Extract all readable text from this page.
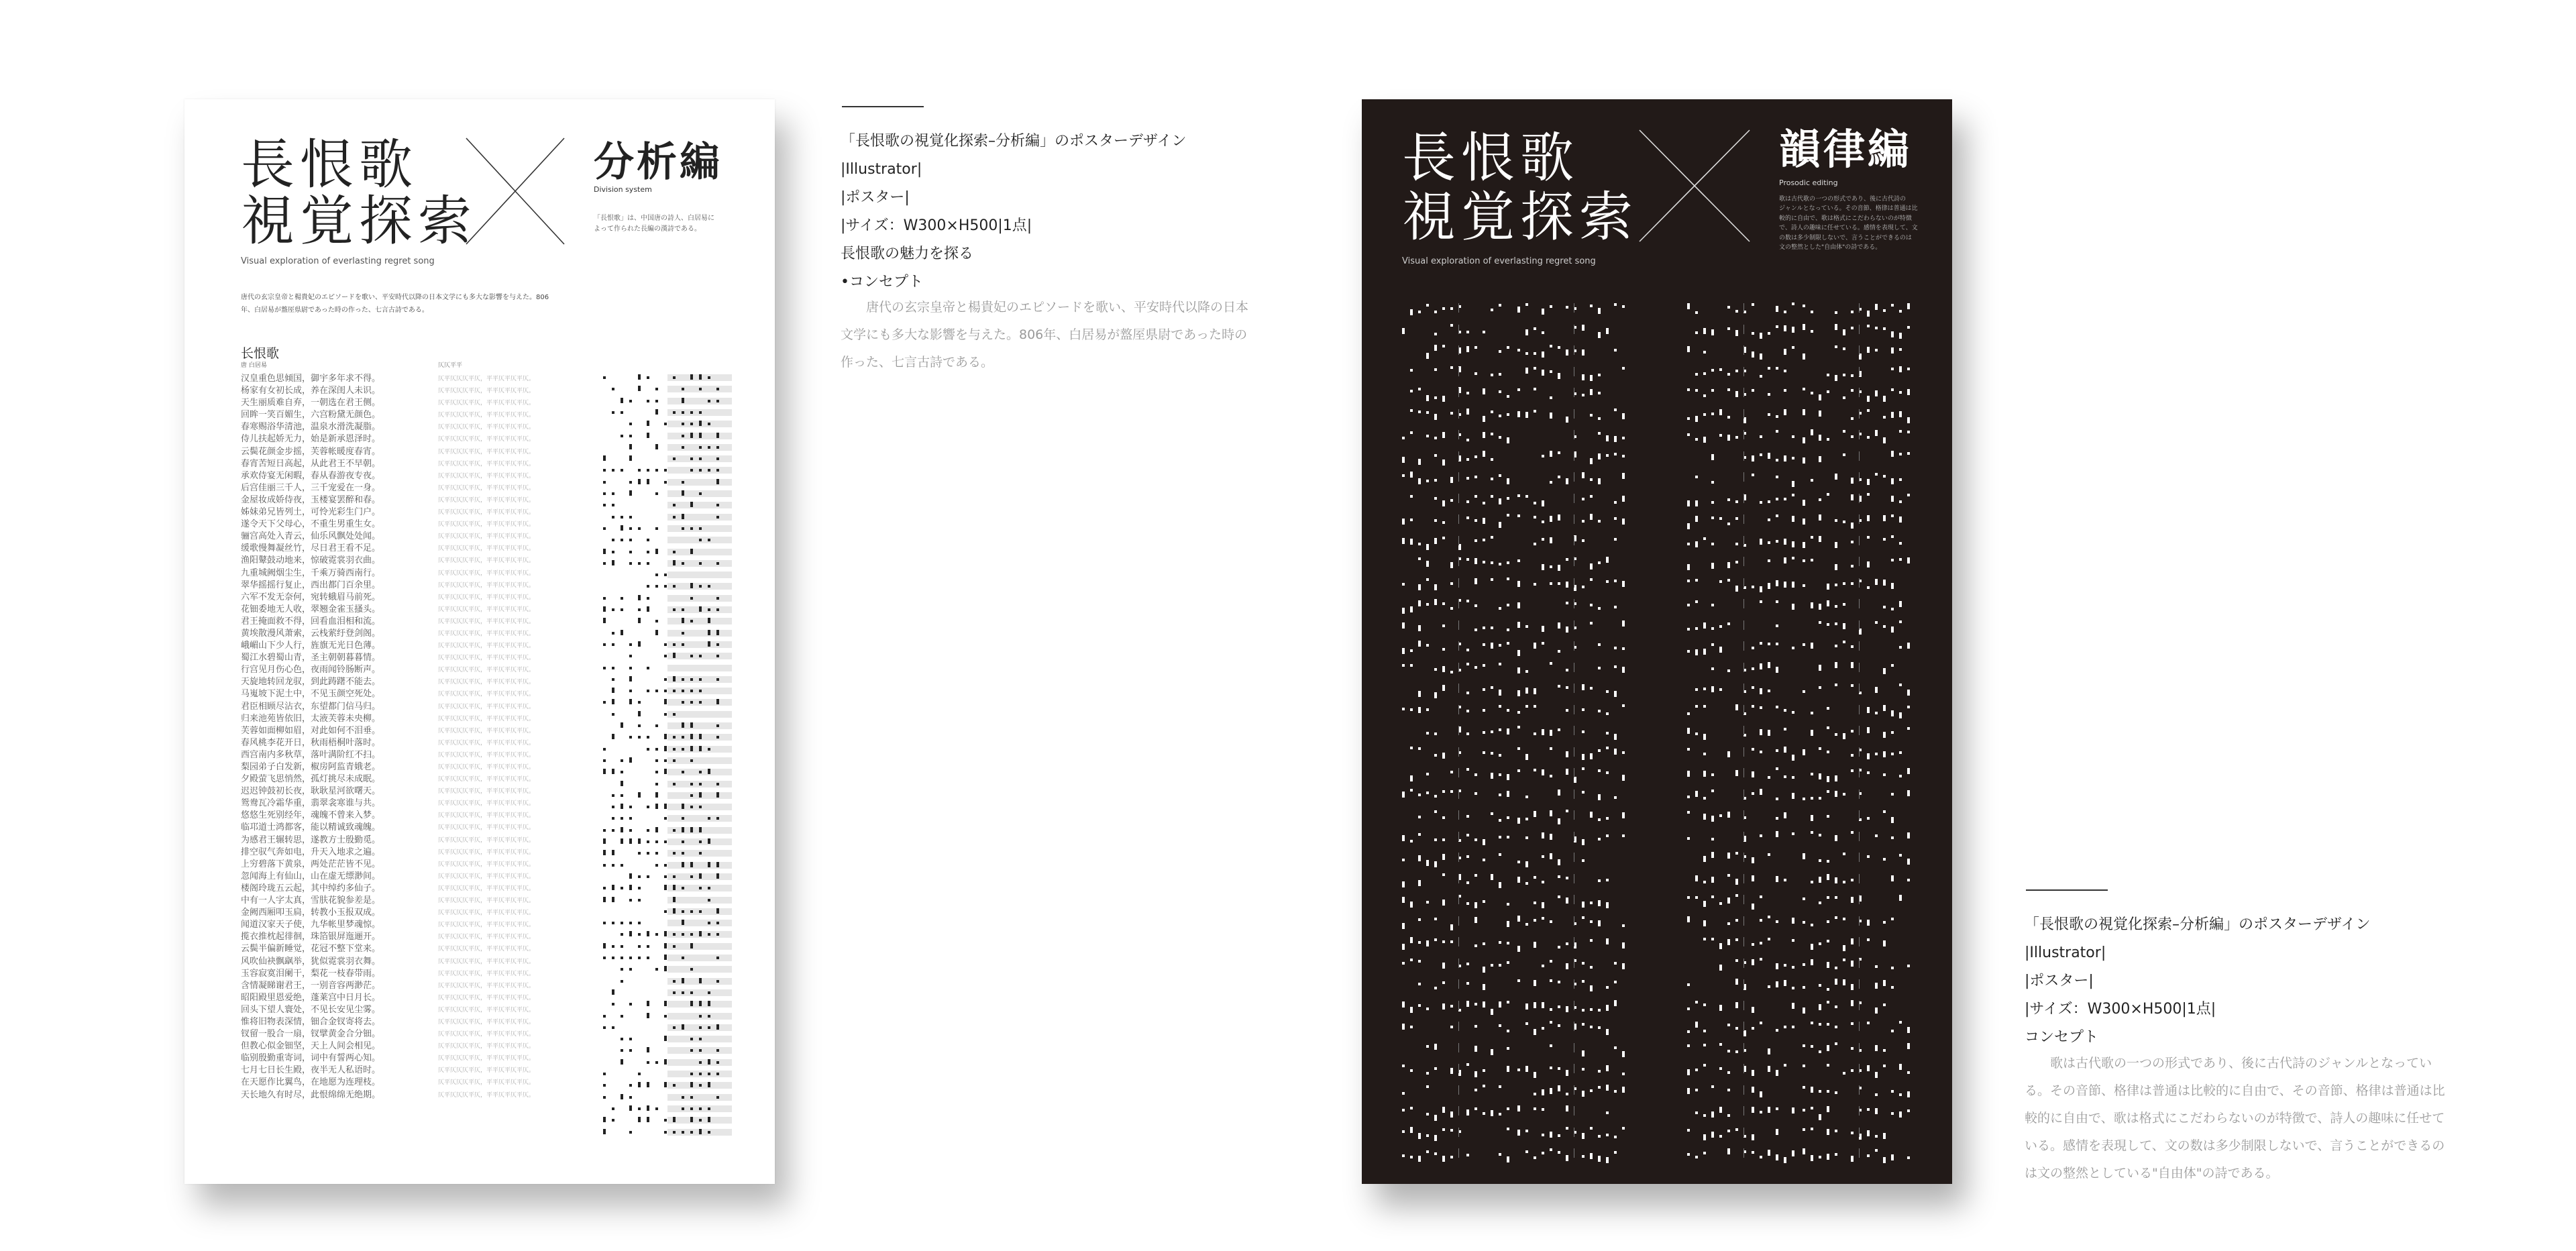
長恨歌
視覚探索
Visual exploration of everlasting regret song
分析編
Division system
「長恨歌」は、中国唐の詩人、白居易に
よって作られた長編の漢詩である。
唐代の玄宗皇帝と楊貴妃のエピソードを歌い、平安時代以降の日本文学にも多大な影響を与えた。806
年、白居易が盩厔県尉であった時の作った、七言古詩である。
长恨歌
唐 白居易	仄仄平平
汉皇重色思倾国，御宇多年求不得。
杨家有女初长成，养在深闺人未识。
天生丽质难自弃，一朝选在君王侧。
回眸一笑百媚生，六宫粉黛无颜色。
春寒赐浴华清池，温泉水滑洗凝脂。
侍儿扶起娇无力，始是新承恩泽时。
云鬓花颜金步摇，芙蓉帐暖度春宵。
春宵苦短日高起，从此君王不早朝。
承欢侍宴无闲暇，春从春游夜专夜。
后宫佳丽三千人，三千宠爱在一身。
金屋妆成娇侍夜，玉楼宴罢醉和春。
姊妹弟兄皆列土，可怜光彩生门户。
遂令天下父母心，不重生男重生女。
骊宫高处入青云，仙乐风飘处处闻。
缓歌慢舞凝丝竹，尽日君王看不足。
渔阳鼙鼓动地来，惊破霓裳羽衣曲。
九重城阙烟尘生，千乘万骑西南行。
翠华摇摇行复止，西出都门百余里。
六军不发无奈何，宛转蛾眉马前死。
花钿委地无人收，翠翘金雀玉搔头。
君王掩面救不得，回看血泪相和流。
黄埃散漫风萧索，云栈萦纡登剑阁。
峨嵋山下少人行，旌旗无光日色薄。
蜀江水碧蜀山青，圣主朝朝暮暮情。
行宫见月伤心色，夜雨闻铃肠断声。
天旋地转回龙驭，到此踌躇不能去。
马嵬坡下泥土中，不见玉颜空死处。
君臣相顾尽沾衣，东望都门信马归。
归来池苑皆依旧，太液芙蓉未央柳。
芙蓉如面柳如眉，对此如何不泪垂。
春风桃李花开日，秋雨梧桐叶落时。
西宫南内多秋草，落叶满阶红不扫。
梨园弟子白发新，椒房阿监青娥老。
夕殿萤飞思悄然，孤灯挑尽未成眠。
迟迟钟鼓初长夜，耿耿星河欲曙天。
鸳鸯瓦冷霜华重，翡翠衾寒谁与共。
悠悠生死别经年，魂魄不曾来入梦。
临邛道士鸿都客，能以精诚致魂魄。
为感君王辗转思，遂教方士殷勤觅。
排空驭气奔如电，升天入地求之遍。
上穷碧落下黄泉，两处茫茫皆不见。
忽闻海上有仙山，山在虚无缥渺间。
楼阁玲珑五云起，其中绰约多仙子。
中有一人字太真，雪肤花貌参差是。
金阙西厢叩玉扃，转教小玉报双成。
闻道汉家天子使，九华帐里梦魂惊。
揽衣推枕起徘徊，珠箔银屏迤逦开。
云鬓半偏新睡觉，花冠不整下堂来。
风吹仙袂飘飖举，犹似霓裳羽衣舞。
玉容寂寞泪阑干，梨花一枝春带雨。
含情凝睇谢君王，一别音容两渺茫。
昭阳殿里恩爱绝，蓬莱宫中日月长。
回头下望人寰处，不见长安见尘雾。
惟将旧物表深情，钿合金钗寄将去。
钗留一股合一扇，钗擘黄金合分钿。
但教心似金钿坚，天上人间会相见。
临别殷勤重寄词，词中有誓两心知。
七月七日长生殿，夜半无人私语时。
在天愿作比翼鸟，在地愿为连理枝。
天长地久有时尽，此恨绵绵无绝期。
仄平仄仄仄平仄，平平仄平仄平仄。
仄平仄仄仄平仄，平平仄平仄平仄。
仄平仄仄仄平仄，平平仄平仄平仄。
仄平仄仄仄平仄，平平仄平仄平仄。
仄平仄仄仄平仄，平平仄平仄平仄。
仄平仄仄仄平仄，平平仄平仄平仄。
仄平仄仄仄平仄，平平仄平仄平仄。
仄平仄仄仄平仄，平平仄平仄平仄。
仄平仄仄仄平仄，平平仄平仄平仄。
仄平仄仄仄平仄，平平仄平仄平仄。
仄平仄仄仄平仄，平平仄平仄平仄。
仄平仄仄仄平仄，平平仄平仄平仄。
仄平仄仄仄平仄，平平仄平仄平仄。
仄平仄仄仄平仄，平平仄平仄平仄。
仄平仄仄仄平仄，平平仄平仄平仄。
仄平仄仄仄平仄，平平仄平仄平仄。
仄平仄仄仄平仄，平平仄平仄平仄。
仄平仄仄仄平仄，平平仄平仄平仄。
仄平仄仄仄平仄，平平仄平仄平仄。
仄平仄仄仄平仄，平平仄平仄平仄。
仄平仄仄仄平仄，平平仄平仄平仄。
仄平仄仄仄平仄，平平仄平仄平仄。
仄平仄仄仄平仄，平平仄平仄平仄。
仄平仄仄仄平仄，平平仄平仄平仄。
仄平仄仄仄平仄，平平仄平仄平仄。
仄平仄仄仄平仄，平平仄平仄平仄。
仄平仄仄仄平仄，平平仄平仄平仄。
仄平仄仄仄平仄，平平仄平仄平仄。
仄平仄仄仄平仄，平平仄平仄平仄。
仄平仄仄仄平仄，平平仄平仄平仄。
仄平仄仄仄平仄，平平仄平仄平仄。
仄平仄仄仄平仄，平平仄平仄平仄。
仄平仄仄仄平仄，平平仄平仄平仄。
仄平仄仄仄平仄，平平仄平仄平仄。
仄平仄仄仄平仄，平平仄平仄平仄。
仄平仄仄仄平仄，平平仄平仄平仄。
仄平仄仄仄平仄，平平仄平仄平仄。
仄平仄仄仄平仄，平平仄平仄平仄。
仄平仄仄仄平仄，平平仄平仄平仄。
仄平仄仄仄平仄，平平仄平仄平仄。
仄平仄仄仄平仄，平平仄平仄平仄。
仄平仄仄仄平仄，平平仄平仄平仄。
仄平仄仄仄平仄，平平仄平仄平仄。
仄平仄仄仄平仄，平平仄平仄平仄。
仄平仄仄仄平仄，平平仄平仄平仄。
仄平仄仄仄平仄，平平仄平仄平仄。
仄平仄仄仄平仄，平平仄平仄平仄。
仄平仄仄仄平仄，平平仄平仄平仄。
仄平仄仄仄平仄，平平仄平仄平仄。
仄平仄仄仄平仄，平平仄平仄平仄。
仄平仄仄仄平仄，平平仄平仄平仄。
仄平仄仄仄平仄，平平仄平仄平仄。
仄平仄仄仄平仄，平平仄平仄平仄。
仄平仄仄仄平仄，平平仄平仄平仄。
仄平仄仄仄平仄，平平仄平仄平仄。
仄平仄仄仄平仄，平平仄平仄平仄。
仄平仄仄仄平仄，平平仄平仄平仄。
仄平仄仄仄平仄，平平仄平仄平仄。
仄平仄仄仄平仄，平平仄平仄平仄。
仄平仄仄仄平仄，平平仄平仄平仄。
長恨歌
視覚探索
Visual exploration of everlasting regret song
韻律編
Prosodic editing
歌は古代歌の一つの形式であり、後に古代詩の
ジャンルとなっている。その音節、格律は普通は比
較的に自由で、歌は格式にこだわらないのが特徴
で、詩人の趣味に任せている。感情を表現して、文
の数は多少制限しないで、言うことができるのは
文の整然とした"自由体"の詩である。
「長恨歌の視覚化探索–分析編」のポスターデザイン
|Illustrator|
|ポスター|
|サイズ：W300×H500|1点|
長恨歌の魅力を探る
•コンセプト
唐代の玄宗皇帝と楊貴妃のエピソードを歌い、平安時代以降の日本文学にも多大な影響を与えた。806年、白居易が盩厔県尉であった時の作った、七言古詩である。
「長恨歌の視覚化探索–分析編」のポスターデザイン
|Illustrator|
|ポスター|
|サイズ：W300×H500|1点|
コンセプト
歌は古代歌の一つの形式であり、後に古代詩のジャンルとなっている。その音節、格律は普通は比較的に自由で、その音節、格律は普通は比較的に自由で、歌は格式にこだわらないのが特徴で、詩人の趣味に任せている。感情を表現して、文の数は多少制限しないで、言うことができるのは文の整然としている"自由体"の詩である。
